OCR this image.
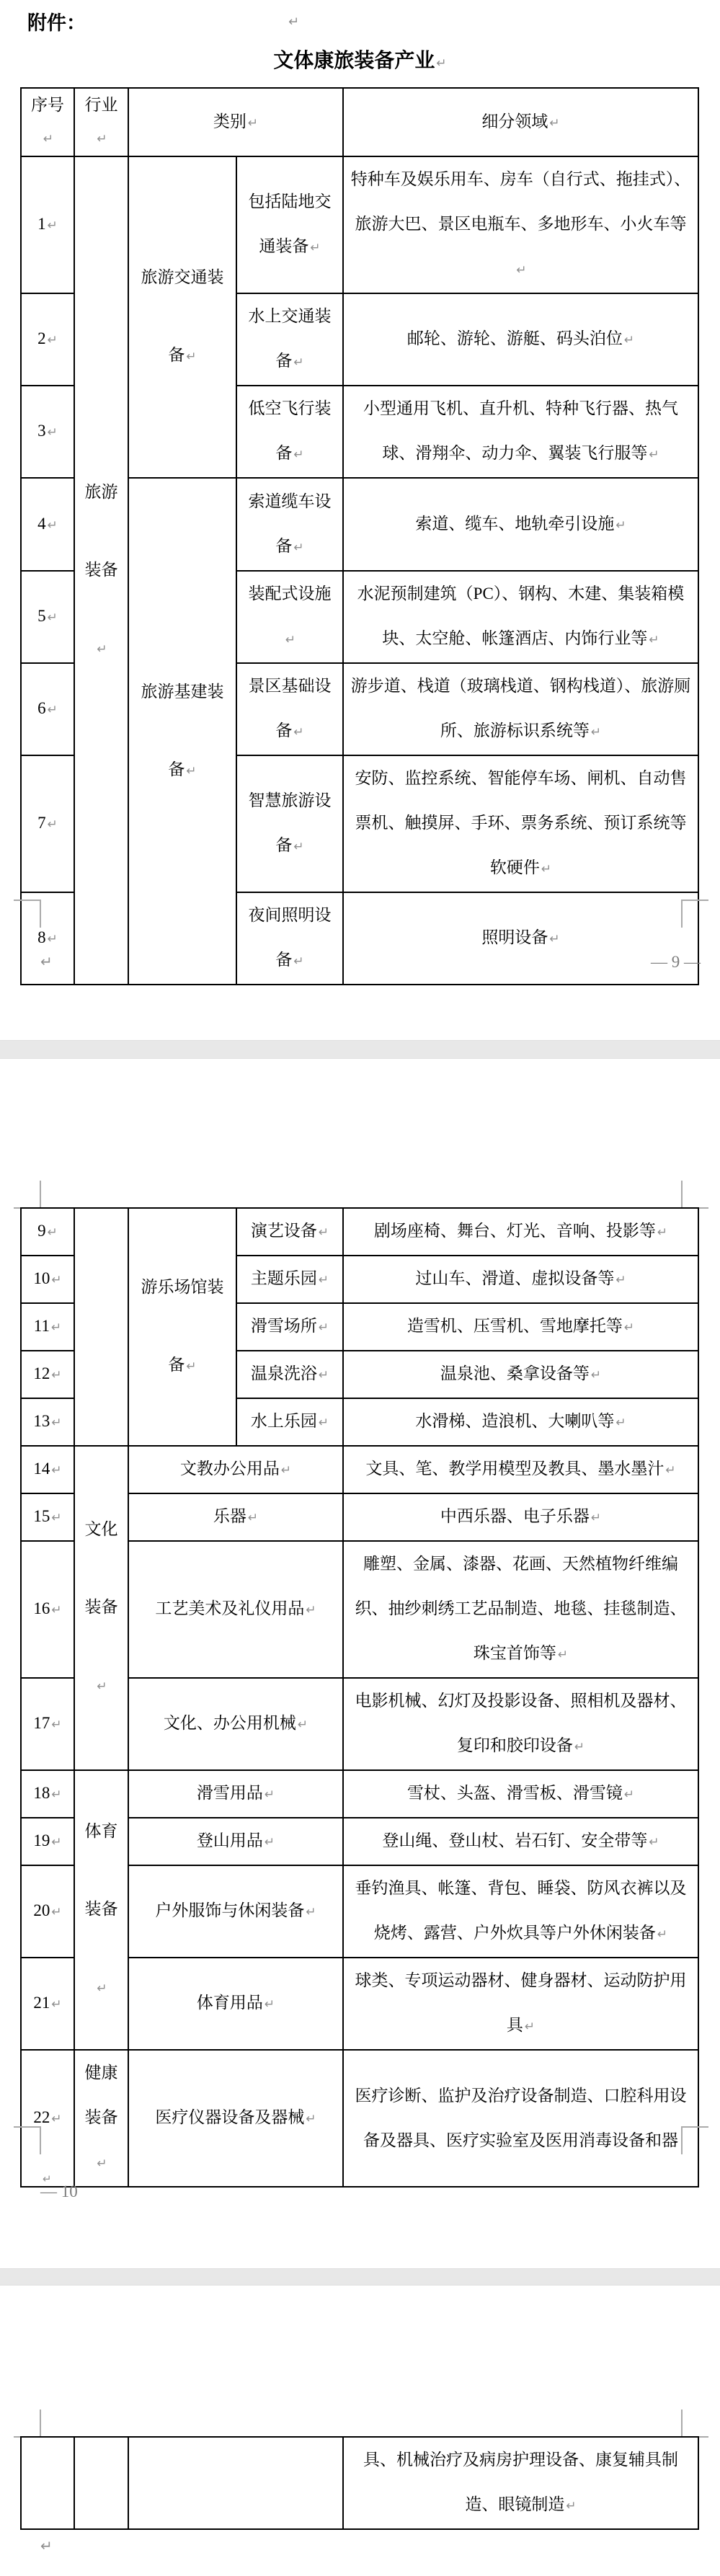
附件：	↵
文体康旅装备产业 ↵
序号 ↵	行业 ↵	类别 ↵		细分领域 ↵
1 ↵	旅游装备 ↵	旅游交通装备 ↵	包括陆地交通装备 ↵	特种车及娱乐用车、房车（自行式、拖挂式）、旅游大巴、景区电瓶车、多地形车、小火车等 ↵
2 ↵			水上交通装备 ↵	邮轮、游轮、游艇、码头泊位 ↵
3 ↵			低空飞行装备 ↵	小型通用飞机、直升机、特种飞行器、热气球、滑翔伞、动力伞、翼装飞行服等 ↵
4 ↵		旅游基建装备 ↵	索道缆车设备 ↵	索道、缆车、地轨牵引设施 ↵
5 ↵			装配式设施 ↵	水泥预制建筑（PC）、钢构、木建、集装箱模块、太空舱、帐篷酒店、内饰行业等 ↵
6 ↵			景区基础设备 ↵	游步道、栈道（玻璃栈道、钢构栈道）、旅游厕所、旅游标识系统等 ↵
7 ↵			智慧旅游设备 ↵	安防、监控系统、智能停车场、闸机、自动售票机、触摸屏、手环、票务系统、预订系统等软硬件 ↵
8 ↵			夜间照明设备 ↵	照明设备 ↵
↵	— 9 —
9 ↵		游乐场馆装备 ↵	演艺设备 ↵	剧场座椅、舞台、灯光、音响、投影等 ↵
10 ↵			主题乐园 ↵	过山车、滑道、虚拟设备等 ↵
11 ↵			滑雪场所 ↵	造雪机、压雪机、雪地摩托等 ↵
12 ↵			温泉洗浴 ↵	温泉池、桑拿设备等 ↵
13 ↵			水上乐园 ↵	水滑梯、造浪机、大喇叭等 ↵
14 ↵	文化装备 ↵	文教办公用品 ↵		文具、笔、教学用模型及教具、墨水墨汁 ↵
15 ↵		乐器 ↵		中西乐器、电子乐器 ↵
16 ↵		工艺美术及礼仪用品 ↵		雕塑、金属、漆器、花画、天然植物纤维编织、抽纱刺绣工艺品制造、地毯、挂毯制造、珠宝首饰等 ↵
17 ↵		文化、办公用机械 ↵		电影机械、幻灯及投影设备、照相机及器材、复印和胶印设备 ↵
18 ↵	体育装备 ↵	滑雪用品 ↵		雪杖、头盔、滑雪板、滑雪镜 ↵
19 ↵		登山用品 ↵		登山绳、登山杖、岩石钉、安全带等 ↵
20 ↵		户外服饰与休闲装备 ↵		垂钓渔具、帐篷、背包、睡袋、防风衣裤以及烧烤、露营、户外炊具等户外休闲装备 ↵
21 ↵		体育用品 ↵		球类、专项运动器材、健身器材、运动防护用具 ↵
22 ↵	健康装备 ↵	医疗仪器设备及器械 ↵		医疗诊断、监护及治疗设备制造、口腔科用设备及器具、医疗实验室及医用消毒设备和器
↵
— 10
			具、机械治疗及病房护理设备、康复辅具制造、眼镜制造 ↵
↵
